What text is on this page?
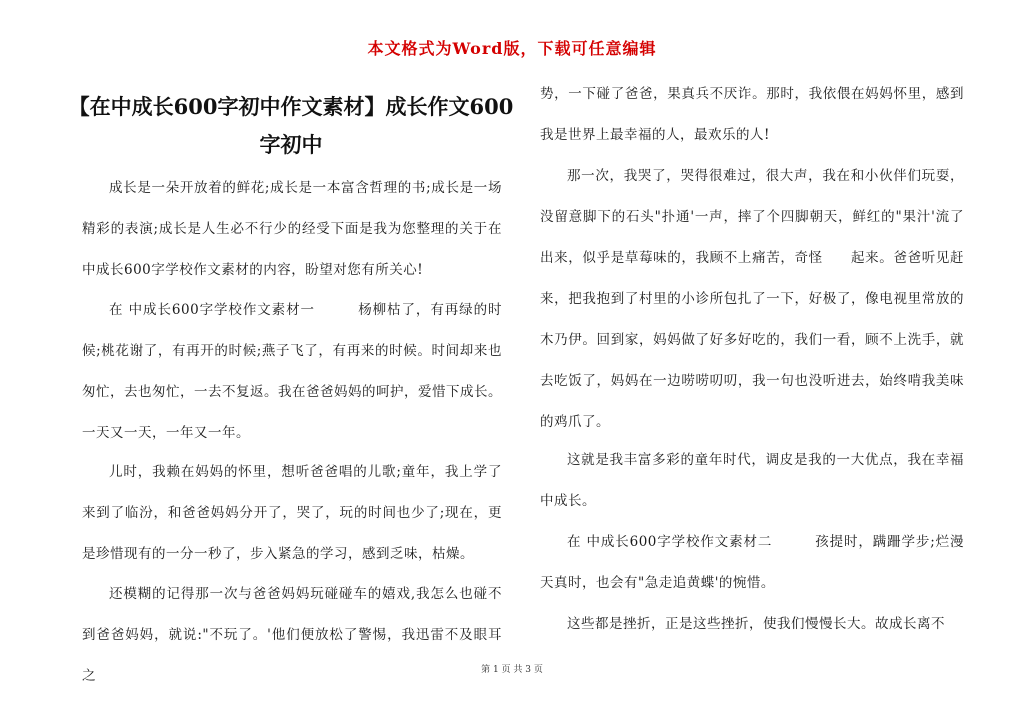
本文格式为Word版，下载可任意编辑
【在中成长600字初中作文素材】成长作文600字初中
成长是一朵开放着的鲜花;成长是一本富含哲理的书;成长是一场精彩的表演;成长是人生必不行少的经受下面是我为您整理的关于在中成长600字学校作文素材的内容，盼望对您有所关心!
在 中成长600字学校作文素材一　　　杨柳枯了，有再绿的时候;桃花谢了，有再开的时候;燕子飞了，有再来的时候。时间却来也匆忙，去也匆忙，一去不复返。我在爸爸妈妈的呵护，爱惜下成长。一天又一天，一年又一年。
儿时，我赖在妈妈的怀里，想听爸爸唱的儿歌;童年，我上学了来到了临汾，和爸爸妈妈分开了，哭了，玩的时间也少了;现在，更是珍惜现有的一分一秒了，步入紧急的学习，感到乏味，枯燥。
还模糊的记得那一次与爸爸妈妈玩碰碰车的嬉戏,我怎么也碰不到爸爸妈妈，就说:"不玩了。'他们便放松了警惕，我迅雷不及眼耳之
势，一下碰了爸爸，果真兵不厌诈。那时，我依偎在妈妈怀里，感到我是世界上最幸福的人，最欢乐的人!
那一次，我哭了，哭得很难过，很大声，我在和小伙伴们玩耍，没留意脚下的石头"扑通'一声，摔了个四脚朝天，鲜红的"果汁'流了出来，似乎是草莓味的，我顾不上痛苦，奇怪　　起来。爸爸听见赶来，把我抱到了村里的小诊所包扎了一下，好极了，像电视里常放的木乃伊。回到家，妈妈做了好多好吃的，我们一看，顾不上洗手，就去吃饭了，妈妈在一边唠唠叨叨，我一句也没听进去，始终啃我美味的鸡爪了。
这就是我丰富多彩的童年时代，调皮是我的一大优点，我在幸福中成长。
在 中成长600字学校作文素材二　　　孩提时，蹒跚学步;烂漫天真时，也会有"急走追黄蝶'的惋惜。
这些都是挫折，正是这些挫折，使我们慢慢长大。故成长离不
第 1 页 共 3 页
